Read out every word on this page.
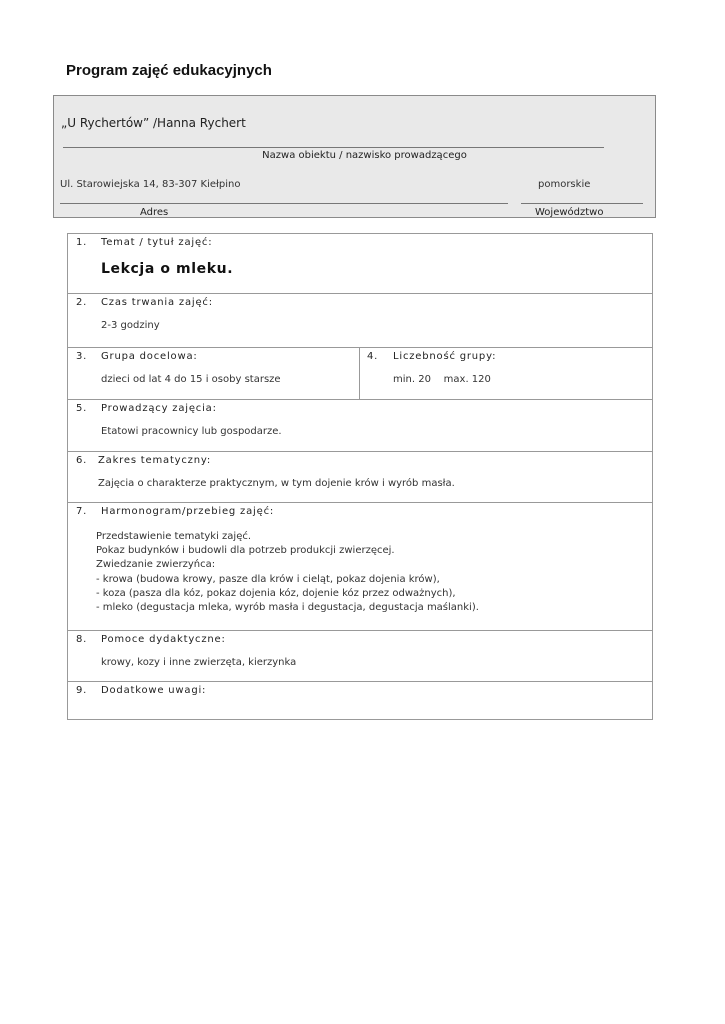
Program zajęć edukacyjnych
„U Rychertów” /Hanna Rychert
Nazwa obiektu / nazwisko prowadzącego
Ul. Starowiejska 14, 83-307 Kiełpino	pomorskie
Adres	Województwo
1. Temat / tytuł zajęć:
Lekcja o mleku.
2. Czas trwania zajęć:
2-3 godziny
3. Grupa docelowa:
dzieci od lat 4 do 15 i osoby starsze
4. Liczebność grupy:
min. 20    max. 120
5. Prowadzący zajęcia:
Etatowi pracownicy lub gospodarze.
6. Zakres tematyczny:
Zajęcia o charakterze praktycznym, w tym dojenie krów i wyrób masła.
7. Harmonogram/przebieg zajęć:
Przedstawienie tematyki zajęć.
Pokaz budynków i budowli dla potrzeb produkcji zwierzęcej.
Zwiedzanie zwierzyńca:
- krowa (budowa krowy, pasze dla krów i cieląt, pokaz dojenia krów),
- koza (pasza dla kóz, pokaz dojenia kóz, dojenie kóz przez odważnych),
- mleko (degustacja mleka, wyrób masła i degustacja, degustacja maślanki).
8. Pomoce dydaktyczne:
krowy, kozy i inne zwierzęta, kierzynka
9. Dodatkowe uwagi:
